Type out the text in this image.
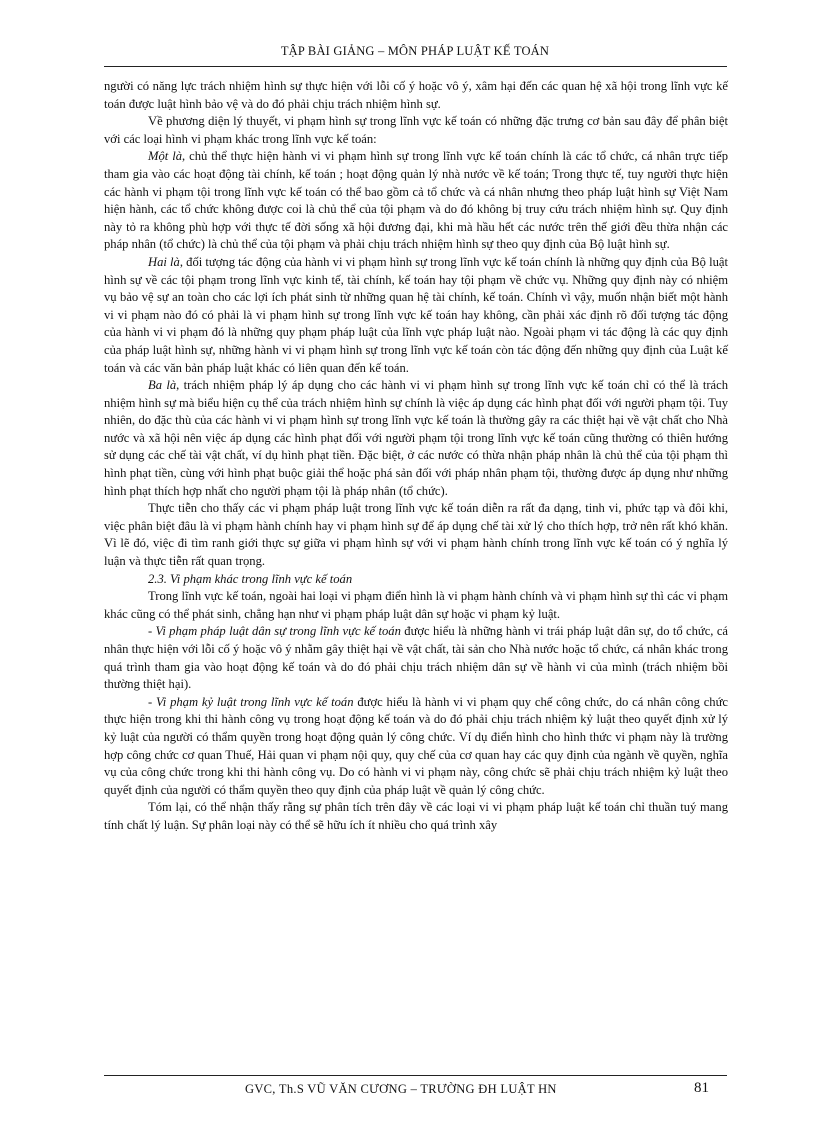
TẬP BÀI GIẢNG – MÔN PHÁP LUẬT KẾ TOÁN

người có năng lực trách nhiệm hình sự thực hiện với lỗi cố ý hoặc vô ý, xâm hại đến các quan hệ xã hội trong lĩnh vực kế toán được luật hình bảo vệ và do đó phải chịu trách nhiệm hình sự.

Về phương diện lý thuyết, vi phạm hình sự trong lĩnh vực kế toán có những đặc trưng cơ bản sau đây để phân biệt với các loại hình vi phạm khác trong lĩnh vực kế toán:

Một là, chủ thể thực hiện hành vi vi phạm hình sự trong lĩnh vực kế toán chính là các tổ chức, cá nhân trực tiếp tham gia vào các hoạt động tài chính, kế toán ; hoạt động quản lý nhà nước về kế toán; Trong thực tế, tuy người thực hiện các hành vi phạm tội trong lĩnh vực kế toán có thể bao gồm cả tổ chức và cá nhân nhưng theo pháp luật hình sự Việt Nam hiện hành, các tổ chức không được coi là chủ thể của tội phạm và do đó không bị truy cứu trách nhiệm hình sự. Quy định này tỏ ra không phù hợp với thực tế đời sống xã hội đương đại, khi mà hầu hết các nước trên thế giới đều thừa nhận các pháp nhân (tổ chức) là chủ thể của tội phạm và phải chịu trách nhiệm hình sự theo quy định của Bộ luật hình sự.

Hai là, đối tượng tác động của hành vi vi phạm hình sự trong lĩnh vực kế toán chính là những quy định của Bộ luật hình sự về các tội phạm trong lĩnh vực kinh tế, tài chính, kế toán hay tội phạm về chức vụ. Những quy định này có nhiệm vụ bảo vệ sự an toàn cho các lợi ích phát sinh từ những quan hệ tài chính, kế toán. Chính vì vậy, muốn nhận biết một hành vi vi phạm nào đó có phải là vi phạm hình sự trong lĩnh vực kế toán hay không, cần phải xác định rõ đối tượng tác động của hành vi vi phạm đó là những quy phạm pháp luật của lĩnh vực pháp luật nào. Ngoài phạm vi tác động là các quy định của pháp luật hình sự, những hành vi vi phạm hình sự trong lĩnh vực kế toán còn tác động đến những quy định của Luật kế toán và các văn bản pháp luật khác có liên quan đến kế toán.

Ba là, trách nhiệm pháp lý áp dụng cho các hành vi vi phạm hình sự trong lĩnh vực kế toán chỉ có thể là trách nhiệm hình sự mà biểu hiện cụ thể của trách nhiệm hình sự chính là việc áp dụng các hình phạt đối với người phạm tội. Tuy nhiên, do đặc thù của các hành vi vi phạm hình sự trong lĩnh vực kế toán là thường gây ra các thiệt hại về vật chất cho Nhà nước và xã hội nên việc áp dụng các hình phạt đối với người phạm tội trong lĩnh vực kế toán cũng thường có thiên hướng sử dụng các chế tài vật chất, ví dụ hình phạt tiền. Đặc biệt, ở các nước có thừa nhận pháp nhân là chủ thể của tội phạm thì hình phạt tiền, cùng với hình phạt buộc giải thể hoặc phá sản đối với pháp nhân phạm tội, thường được áp dụng như những hình phạt thích hợp nhất cho người phạm tội là pháp nhân (tổ chức).

Thực tiễn cho thấy các vi phạm pháp luật trong lĩnh vực kế toán diễn ra rất đa dạng, tinh vi, phức tạp và đôi khi, việc phân biệt đâu là vi phạm hành chính hay vi phạm hình sự để áp dụng chế tài xử lý cho thích hợp, trở nên rất khó khăn. Vì lẽ đó, việc đi tìm ranh giới thực sự giữa vi phạm hình sự với vi phạm hành chính trong lĩnh vực kế toán có ý nghĩa lý luận và thực tiễn rất quan trọng.

2.3. Vi phạm khác trong lĩnh vực kế toán

Trong lĩnh vực kế toán, ngoài hai loại vi phạm điển hình là vi phạm hành chính và vi phạm hình sự thì các vi phạm khác cũng có thể phát sinh, chẳng hạn như vi phạm pháp luật dân sự hoặc vi phạm kỷ luật.

- Vi phạm pháp luật dân sự trong lĩnh vực kế toán được hiểu là những hành vi trái pháp luật dân sự, do tổ chức, cá nhân thực hiện với lỗi cố ý hoặc vô ý nhằm gây thiệt hại về vật chất, tài sản cho Nhà nước hoặc tổ chức, cá nhân khác trong quá trình tham gia vào hoạt động kế toán và do đó phải chịu trách nhiệm dân sự về hành vi của mình (trách nhiệm bồi thường thiệt hại).

- Vi phạm kỷ luật trong lĩnh vực kế toán được hiểu là hành vi vi phạm quy chế công chức, do cá nhân công chức thực hiện trong khi thi hành công vụ trong hoạt động kế toán và do đó phải chịu trách nhiệm kỷ luật theo quyết định xử lý kỷ luật của người có thẩm quyền trong hoạt động quản lý công chức. Ví dụ điển hình cho hình thức vi phạm này là trường hợp công chức cơ quan Thuế, Hải quan vi phạm nội quy, quy chế của cơ quan hay các quy định của ngành về quyền, nghĩa vụ của công chức trong khi thi hành công vụ. Do có hành vi vi phạm này, công chức sẽ phải chịu trách nhiệm kỷ luật theo quyết định của người có thẩm quyền theo quy định của pháp luật về quản lý công chức.

Tóm lại, có thể nhận thấy rằng sự phân tích trên đây về các loại vi vi phạm pháp luật kế toán chỉ thuần tuý mang tính chất lý luận. Sự phân loại này có thể sẽ hữu ích ít nhiều cho quá trình xây

GVC, Th.S VŨ VĂN CƯƠNG – TRƯỜNG ĐH LUẬT HN	81
